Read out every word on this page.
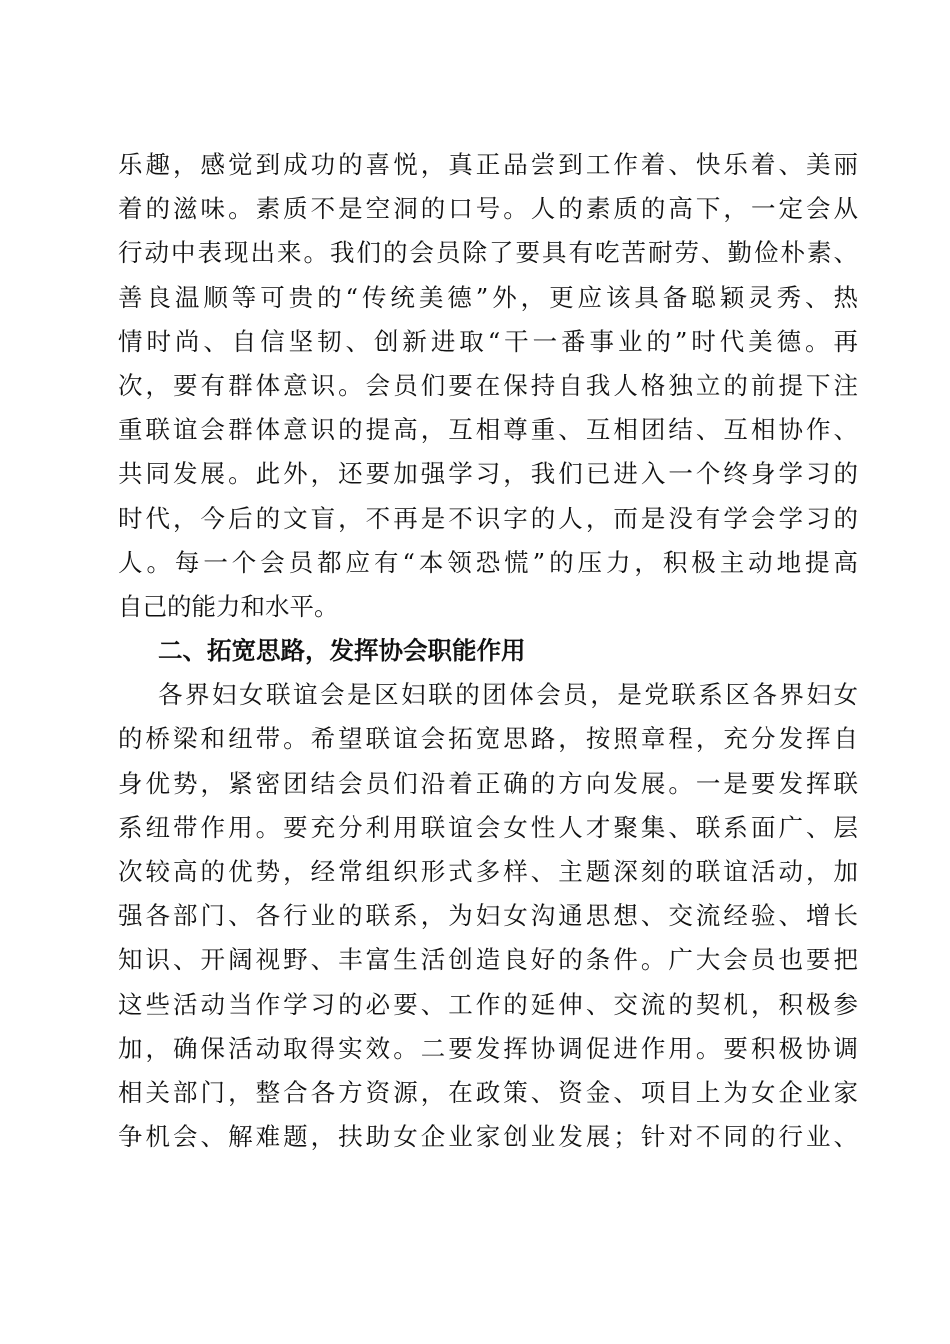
乐趣，感觉到成功的喜悦，真正品尝到工作着、快乐着、美丽
着的滋味。素质不是空洞的口号。人的素质的高下，一定会从
行动中表现出来。我们的会员除了要具有吃苦耐劳、勤俭朴素、
善良温顺等可贵的“传统美德”外，更应该具备聪颖灵秀、热
情时尚、自信坚韧、创新进取“干一番事业的”时代美德。再
次，要有群体意识。会员们要在保持自我人格独立的前提下注
重联谊会群体意识的提高，互相尊重、互相团结、互相协作、
共同发展。此外，还要加强学习，我们已进入一个终身学习的
时代，今后的文盲，不再是不识字的人，而是没有学会学习的
人。每一个会员都应有“本领恐慌”的压力，积极主动地提高
自己的能力和水平。
二、拓宽思路，发挥协会职能作用
各界妇女联谊会是区妇联的团体会员，是党联系区各界妇女
的桥梁和纽带。希望联谊会拓宽思路，按照章程，充分发挥自
身优势，紧密团结会员们沿着正确的方向发展。一是要发挥联
系纽带作用。要充分利用联谊会女性人才聚集、联系面广、层
次较高的优势，经常组织形式多样、主题深刻的联谊活动，加
强各部门、各行业的联系，为妇女沟通思想、交流经验、增长
知识、开阔视野、丰富生活创造良好的条件。广大会员也要把
这些活动当作学习的必要、工作的延伸、交流的契机，积极参
加，确保活动取得实效。二要发挥协调促进作用。要积极协调
相关部门，整合各方资源，在政策、资金、项目上为女企业家
争机会、解难题，扶助女企业家创业发展；针对不同的行业、
